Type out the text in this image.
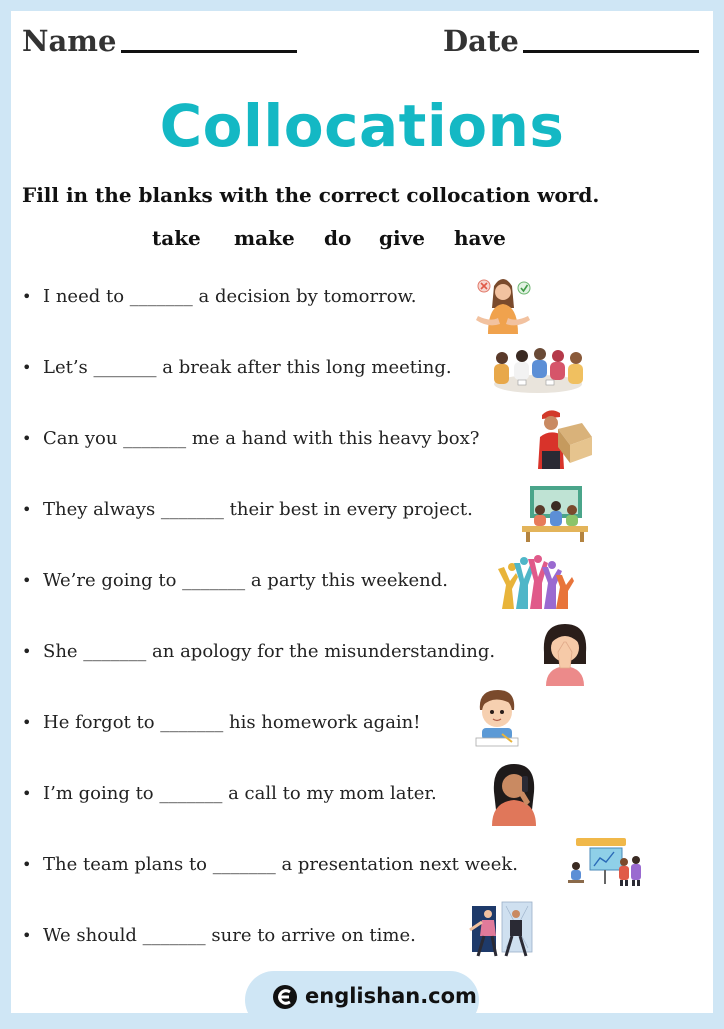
Name	Date
Collocations
Fill in the blanks with the correct collocation word.
take make do give have
• I need to _______ a decision by tomorrow.
• Let’s _______ a break after this long meeting.
• Can you _______ me a hand with this heavy box?
• They always _______ their best in every project.
• We’re going to _______ a party this weekend.
• She _______ an apology for the misunderstanding.
• He forgot to _______ his homework again!
• I’m going to _______ a call to my mom later.
• The team plans to _______ a presentation next week.
• We should _______ sure to arrive on time.
englishan.com
